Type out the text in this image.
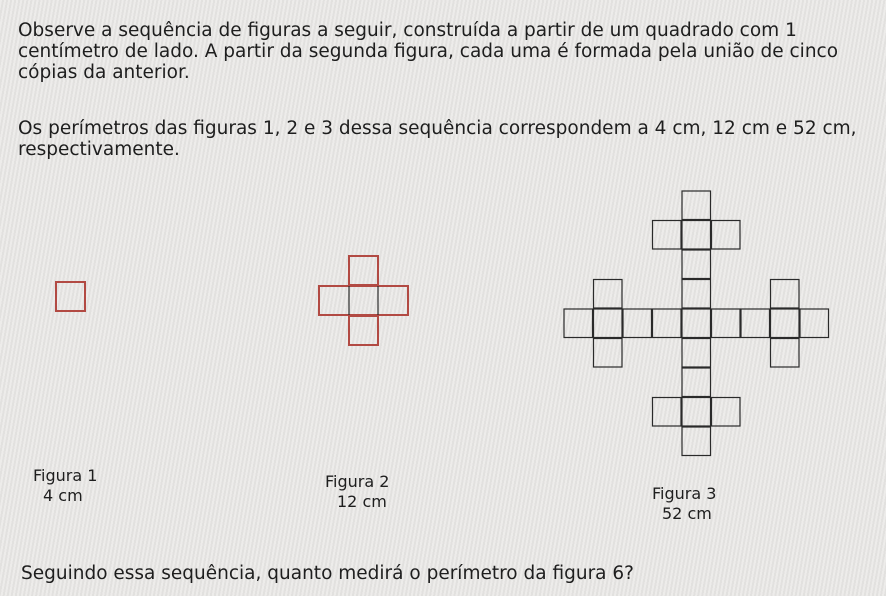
Observe a sequência de figuras a seguir, construída a partir de um quadrado com 1 centímetro de lado. A partir da segunda figura, cada uma é formada pela união de cinco cópias da anterior.
Os perímetros das figuras 1, 2 e 3 dessa sequência correspondem a 4 cm, 12 cm e 52 cm, respectivamente.
Figura 1
4 cm
Figura 2
12 cm	Figura 3
52 cm
Seguindo essa sequência, quanto medirá o perímetro da figura 6?
